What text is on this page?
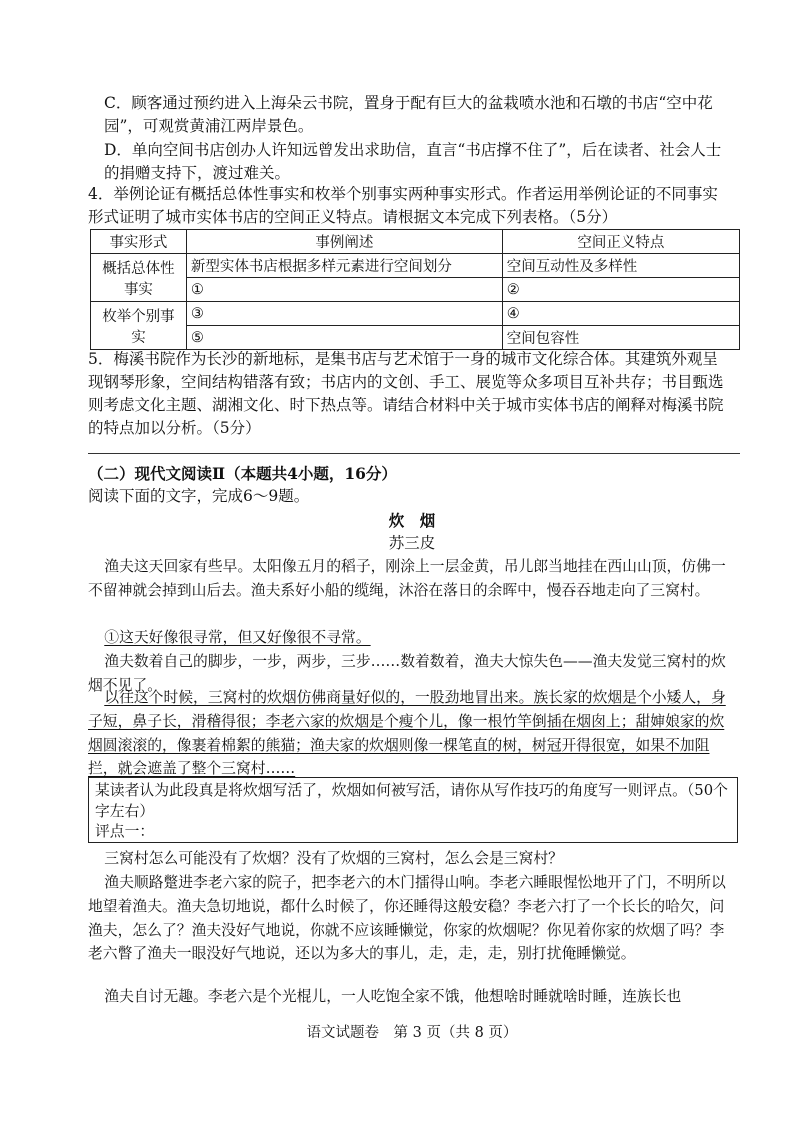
C．顾客通过预约进入上海朵云书院，置身于配有巨大的盆栽喷水池和石墩的书店“空中花园”，可观赏黄浦江两岸景色。

D．单向空间书店创办人许知远曾发出求助信，直言“书店撑不住了”，后在读者、社会人士的捐赠支持下，渡过难关。

4．举例论证有概括总体性事实和枚举个别事实两种事实形式。作者运用举例论证的不同事实形式证明了城市实体书店的空间正义特点。请根据文本完成下列表格。（5分）

事实形式	事例阐述	空间正义特点
概括总体性事实	新型实体书店根据多样元素进行空间划分	空间互动性及多样性
	①	②
枚举个别事实	③	④
	⑤	空间包容性

5．梅溪书院作为长沙的新地标，是集书店与艺术馆于一身的城市文化综合体。其建筑外观呈现钢琴形象，空间结构错落有致；书店内的文创、手工、展览等众多项目互补共存；书目甄选则考虑文化主题、湖湘文化、时下热点等。请结合材料中关于城市实体书店的阐释对梅溪书院的特点加以分析。（5分）

（二）现代文阅读Ⅱ（本题共4小题，16分）

阅读下面的文字，完成6～9题。

炊　烟

苏三皮

渔夫这天回家有些早。太阳像五月的稻子，刚涂上一层金黄，吊儿郎当地挂在西山山顶，仿佛一不留神就会掉到山后去。渔夫系好小船的缆绳，沐浴在落日的余晖中，慢吞吞地走向了三窝村。

①这天好像很寻常，但又好像很不寻常。

渔夫数着自己的脚步，一步，两步，三步……数着数着，渔夫大惊失色——渔夫发觉三窝村的炊烟不见了。

以往这个时候，三窝村的炊烟仿佛商量好似的，一股劲地冒出来。族长家的炊烟是个小矮人，身子短，鼻子长，滑稽得很；李老六家的炊烟是个瘦个儿，像一根竹竿倒插在烟囱上；甜婶娘家的炊烟圆滚滚的，像裹着棉絮的熊猫；渔夫家的炊烟则像一棵笔直的树，树冠开得很宽，如果不加阻拦，就会遮盖了整个三窝村……

某读者认为此段真是将炊烟写活了，炊烟如何被写活，请你从写作技巧的角度写一则评点。（50个字左右）

评点一：

三窝村怎么可能没有了炊烟？没有了炊烟的三窝村，怎么会是三窝村？

渔夫顺路蹩进李老六家的院子，把李老六的木门擂得山响。李老六睡眼惺忪地开了门，不明所以地望着渔夫。渔夫急切地说，都什么时候了，你还睡得这般安稳？李老六打了一个长长的哈欠，问渔夫，怎么了？渔夫没好气地说，你就不应该睡懒觉，你家的炊烟呢？你见着你家的炊烟了吗？李老六瞥了渔夫一眼没好气地说，还以为多大的事儿，走，走，走，别打扰俺睡懒觉。

渔夫自讨无趣。李老六是个光棍儿，一人吃饱全家不饿，他想啥时睡就啥时睡，连族长也

语文试题卷　第 3 页（共 8 页）
